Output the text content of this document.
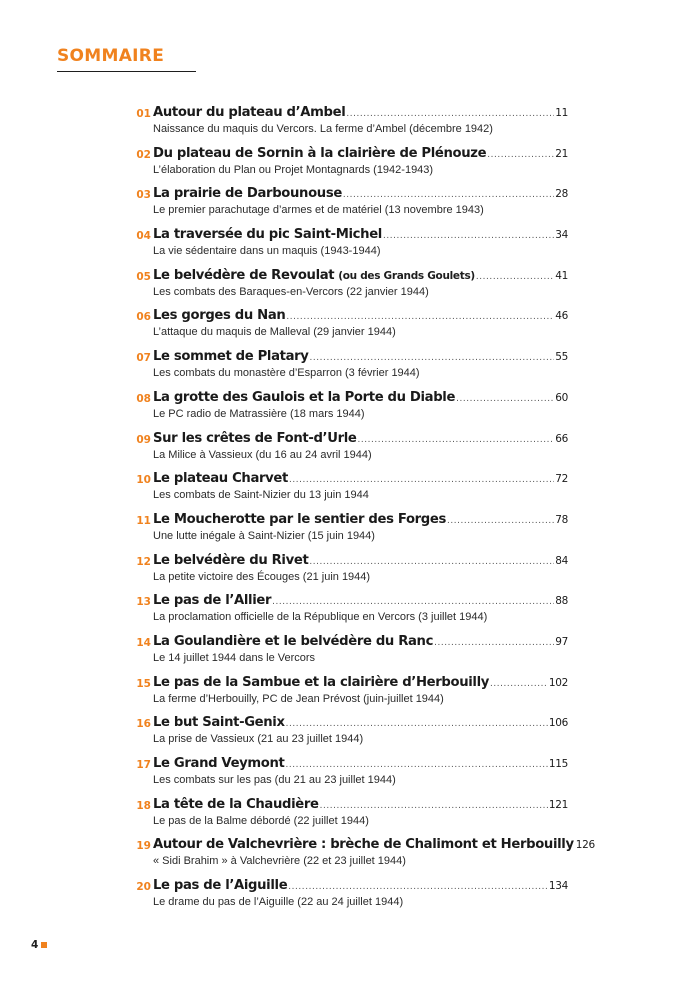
SOMMAIRE
01 Autour du plateau d’Ambel .....	11
Naissance du maquis du Vercors. La ferme d’Ambel (décembre 1942)
02 Du plateau de Sornin à la clairière de Plénouze .....	21
L’élaboration du Plan ou Projet Montagnards (1942-1943)
03 La prairie de Darbounouse .....	28
Le premier parachutage d’armes et de matériel (13 novembre 1943)
04 La traversée du pic Saint-Michel .....	34
La vie sédentaire dans un maquis (1943-1944)
05 Le belvédère de Revoulat (ou des Grands Goulets) .....	41
Les combats des Baraques-en-Vercors (22 janvier 1944)
06 Les gorges du Nan .....	46
L’attaque du maquis de Malleval (29 janvier 1944)
07 Le sommet de Platary .....	55
Les combats du monastère d’Esparron (3 février 1944)
08 La grotte des Gaulois et la Porte du Diable .....	60
Le PC radio de Matrassière (18 mars 1944)
09 Sur les crêtes de Font-d’Urle .....	66
La Milice à Vassieux (du 16 au 24 avril 1944)
10 Le plateau Charvet .....	72
Les combats de Saint-Nizier du 13 juin 1944
11 Le Moucherotte par le sentier des Forges .....	78
Une lutte inégale à Saint-Nizier (15 juin 1944)
12 Le belvédère du Rivet .....	84
La petite victoire des Écouges (21 juin 1944)
13 Le pas de l’Allier .....	88
La proclamation officielle de la République en Vercors (3 juillet 1944)
14 La Goulandière et le belvédère du Ranc .....	97
Le 14 juillet 1944 dans le Vercors
15 Le pas de la Sambue et la clairière d’Herbouilly .....	102
La ferme d’Herbouilly, PC de Jean Prévost (juin-juillet 1944)
16 Le but Saint-Genix .....	106
La prise de Vassieux (21 au 23 juillet 1944)
17 Le Grand Veymont .....	115
Les combats sur les pas (du 21 au 23 juillet 1944)
18 La tête de la Chaudière .....	121
Le pas de la Balme débordé (22 juillet 1944)
19 Autour de Valchevrière : brèche de Chalimont et Herbouilly 126
« Sidi Brahim » à Valchevrière (22 et 23 juillet 1944)
20 Le pas de l’Aiguille .....	134
Le drame du pas de l’Aiguille (22 au 24 juillet 1944)
4
